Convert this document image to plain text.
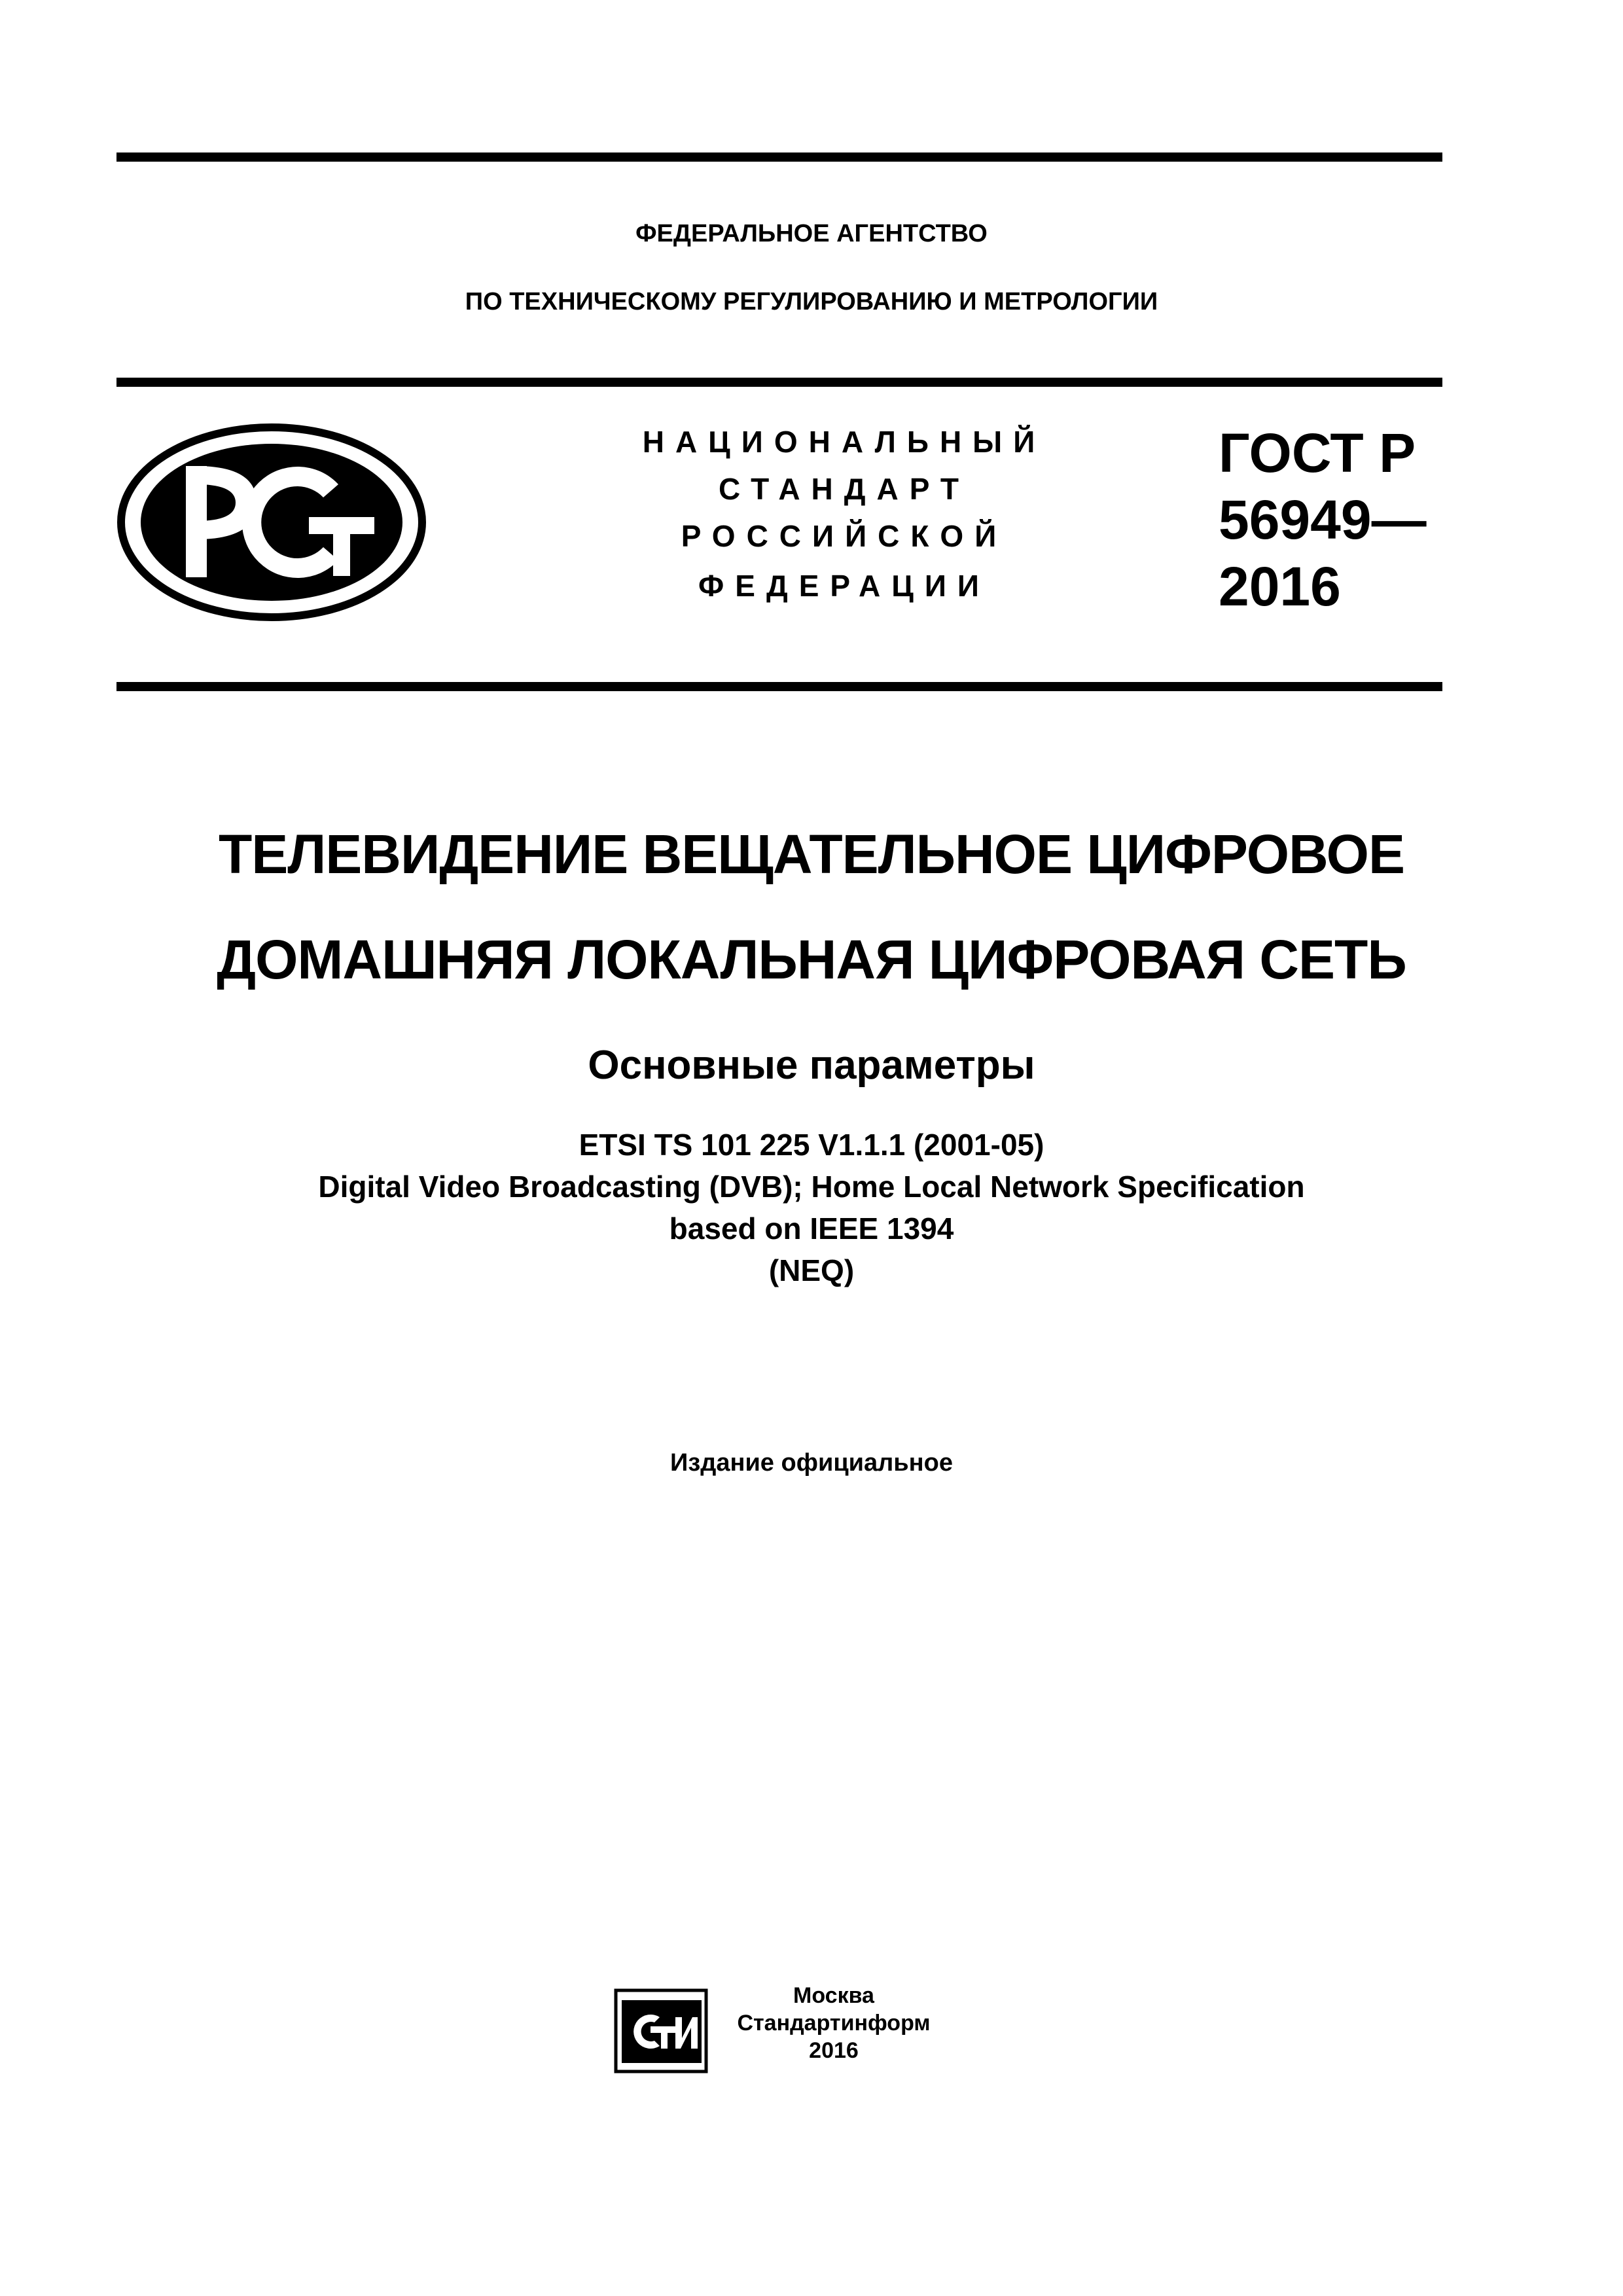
ФЕДЕРАЛЬНОЕ АГЕНТСТВО
ПО ТЕХНИЧЕСКОМУ РЕГУЛИРОВАНИЮ И МЕТРОЛОГИИ
НАЦИОНАЛЬНЫЙ
СТАНДАРТ
РОССИЙСКОЙ
ФЕДЕРАЦИИ
ГОСТ Р
56949—
2016
ТЕЛЕВИДЕНИЕ ВЕЩАТЕЛЬНОЕ ЦИФРОВОЕ
ДОМАШНЯЯ ЛОКАЛЬНАЯ ЦИФРОВАЯ СЕТЬ
Основные параметры
ETSI TS 101 225 V1.1.1 (2001-05)
Digital Video Broadcasting (DVB); Home Local Network Specification
based on IEEE 1394
(NEQ)
Издание официальное
Москва
Стандартинформ
2016
